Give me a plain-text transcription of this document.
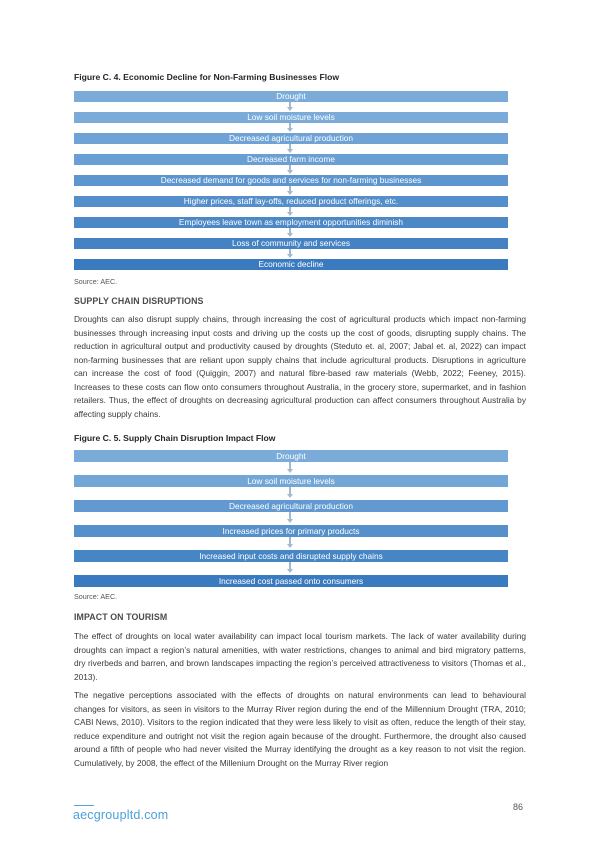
Figure C. 4. Economic Decline for Non-Farming Businesses Flow
Drought
Low soil moisture levels
Decreased agricultural production
Decreased farm income
Decreased demand for goods and services for non-farming businesses
Higher prices, staff lay-offs, reduced product offerings, etc.
Employees leave town as employment opportunities diminish
Loss of community and services
Economic decline
Source: AEC.
SUPPLY CHAIN DISRUPTIONS

Droughts can also disrupt supply chains, through increasing the cost of agricultural products which impact non-farming businesses through increasing input costs and driving up the costs up the cost of goods, disrupting supply chains. The reduction in agricultural output and productivity caused by droughts (Steduto et. al, 2007; Jabal et. al, 2022) can impact non-farming businesses that are reliant upon supply chains that include agricultural products. Disruptions in agriculture can increase the cost of food (Quiggin, 2007) and natural fibre-based raw materials (Webb, 2022; Feeney, 2015). Increases to these costs can flow onto consumers throughout Australia, in the grocery store, supermarket, and in fashion retailers. Thus, the effect of droughts on decreasing agricultural production can affect consumers throughout Australia by affecting supply chains.

Figure C. 5. Supply Chain Disruption Impact Flow
Drought
Low soil moisture levels
Decreased agricultural production
Increased prices for primary products
Increased input costs and disrupted supply chains
Increased cost passed onto consumers
Source: AEC.
IMPACT ON TOURISM

The effect of droughts on local water availability can impact local tourism markets. The lack of water availability during droughts can impact a region’s natural amenities, with water restrictions, changes to animal and bird migratory patterns, dry riverbeds and barren, and brown landscapes impacting the region’s perceived attractiveness to visitors (Thomas et al., 2013).

The negative perceptions associated with the effects of droughts on natural environments can lead to behavioural changes for visitors, as seen in visitors to the Murray River region during the end of the Millennium Drought (TRA, 2010; CABI News, 2010). Visitors to the region indicated that they were less likely to visit as often, reduce the length of their stay, reduce expenditure and outright not visit the region again because of the drought. Furthermore, the drought also caused around a fifth of people who had never visited the Murray identifying the drought as a key reason to not visit the region. Cumulatively, by 2008, the effect of the Millenium Drought on the Murray River region

86
aecgroupltd.com
